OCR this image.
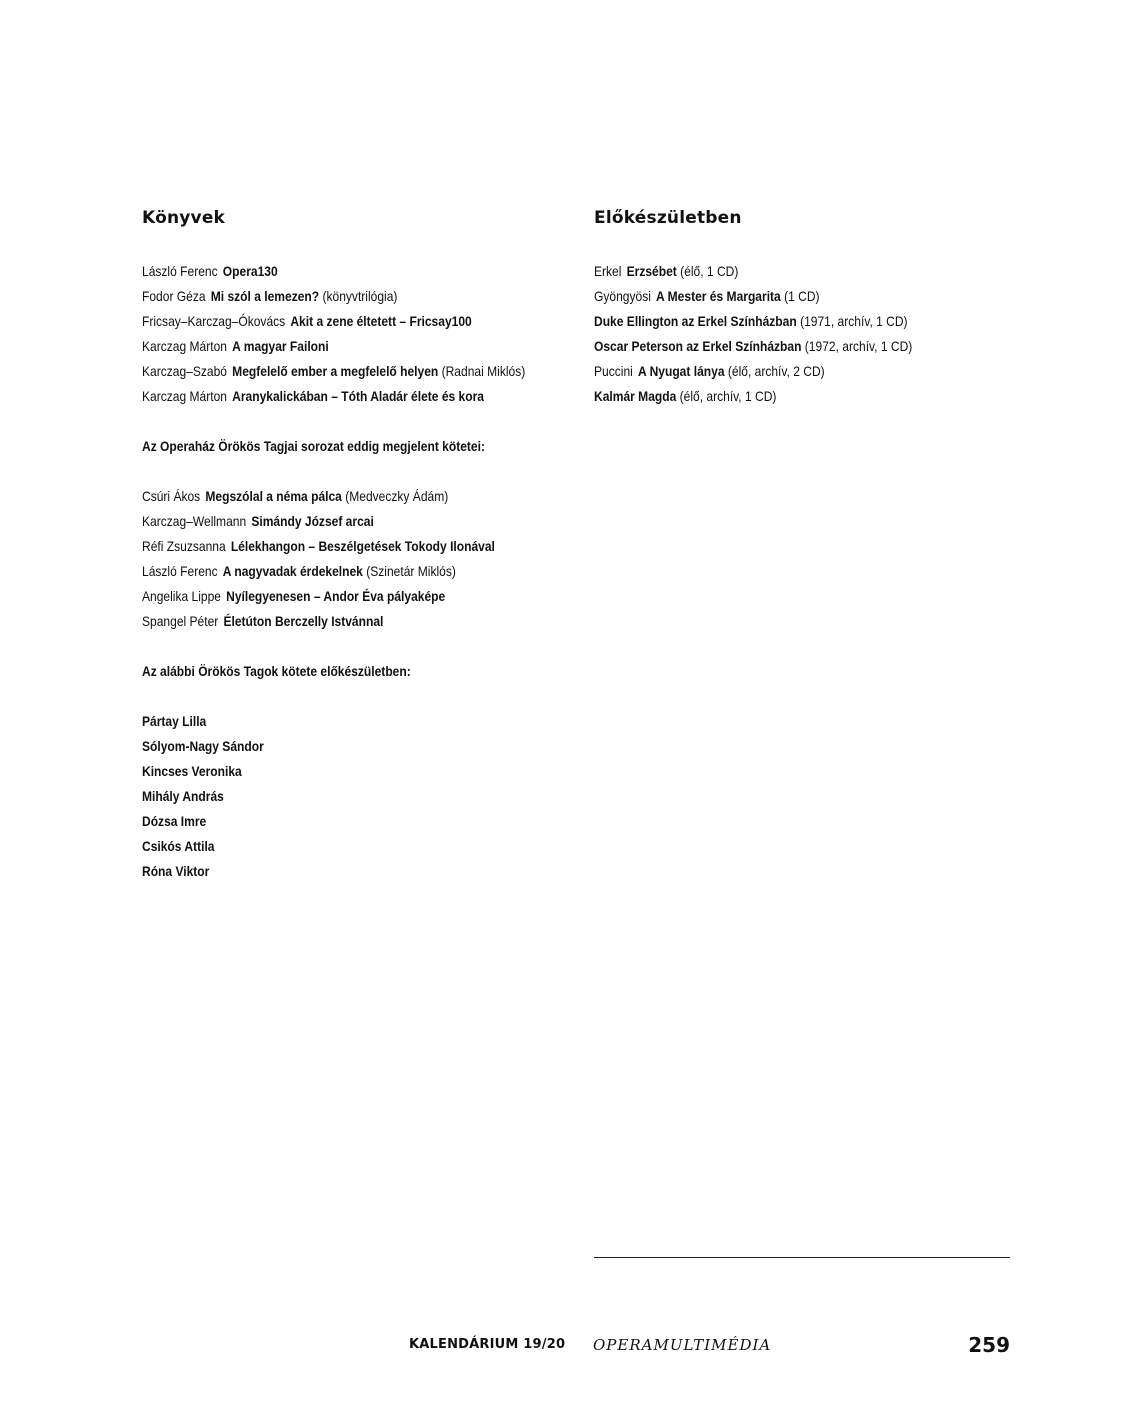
Könyvek
László Ferenc Opera130
Fodor Géza Mi szól a lemezen? (könyvtrilógia)
Fricsay–Karczag–Ókovács Akit a zene éltetett – Fricsay100
Karczag Márton A magyar Failoni
Karczag–Szabó Megfelelő ember a megfelelő helyen (Radnai Miklós)
Karczag Márton Aranykalickában – Tóth Aladár élete és kora
Az Operaház Örökös Tagjai sorozat eddig megjelent kötetei:
Csúri Ákos Megszólal a néma pálca (Medveczky Ádám)
Karczag–Wellmann Simándy József arcai
Réfi Zsuzsanna Lélekhangon – Beszélgetések Tokody Ilonával
László Ferenc A nagyvadak érdekelnek (Szinetár Miklós)
Angelika Lippe Nyílegyenesen – Andor Éva pályaképe
Spangel Péter Életúton Berczelly Istvánnal
Az alábbi Örökös Tagok kötete előkészületben:
Pártay Lilla
Sólyom-Nagy Sándor
Kincses Veronika
Mihály András
Dózsa Imre
Csikós Attila
Róna Viktor
Előkészületben
Erkel Erzsébet (élő, 1 CD)
Gyöngyösi A Mester és Margarita (1 CD)
Duke Ellington az Erkel Színházban (1971, archív, 1 CD)
Oscar Peterson az Erkel Színházban (1972, archív, 1 CD)
Puccini A Nyugat lánya (élő, archív, 2 CD)
Kalmár Magda (élő, archív, 1 CD)
KALENDÁRIUM 19/20 OPERAMULTIMÉDIA	259
